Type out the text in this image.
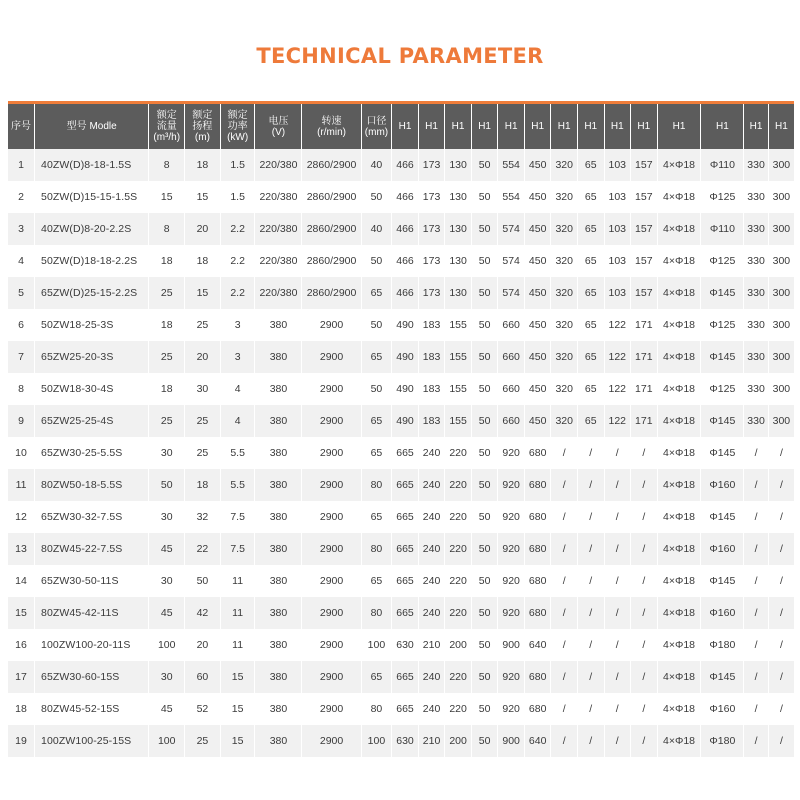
TECHNICAL PARAMETER

序号	型号 Modle	额定
流量
(m³/h)	额定
扬程
(m)	额定
功率
(kW)	电压
(V)	转速
(r/min)	口径
(mm)	H1	H1	H1	H1	H1	H1	H1	H1	H1	H1	H1	H1	H1	H1
1	40ZW(D)8-18-1.5S	8	18	1.5	220/380	2860/2900	40	466	173	130	50	554	450	320	65	103	157	4×Φ18	Φ110	330	300
2	50ZW(D)15-15-1.5S	15	15	1.5	220/380	2860/2900	50	466	173	130	50	554	450	320	65	103	157	4×Φ18	Φ125	330	300
3	40ZW(D)8-20-2.2S	8	20	2.2	220/380	2860/2900	40	466	173	130	50	574	450	320	65	103	157	4×Φ18	Φ110	330	300
4	50ZW(D)18-18-2.2S	18	18	2.2	220/380	2860/2900	50	466	173	130	50	574	450	320	65	103	157	4×Φ18	Φ125	330	300
5	65ZW(D)25-15-2.2S	25	15	2.2	220/380	2860/2900	65	466	173	130	50	574	450	320	65	103	157	4×Φ18	Φ145	330	300
6	50ZW18-25-3S	18	25	3	380	2900	50	490	183	155	50	660	450	320	65	122	171	4×Φ18	Φ125	330	300
7	65ZW25-20-3S	25	20	3	380	2900	65	490	183	155	50	660	450	320	65	122	171	4×Φ18	Φ145	330	300
8	50ZW18-30-4S	18	30	4	380	2900	50	490	183	155	50	660	450	320	65	122	171	4×Φ18	Φ125	330	300
9	65ZW25-25-4S	25	25	4	380	2900	65	490	183	155	50	660	450	320	65	122	171	4×Φ18	Φ145	330	300
10	65ZW30-25-5.5S	30	25	5.5	380	2900	65	665	240	220	50	920	680	/	/	/	/	4×Φ18	Φ145	/	/
11	80ZW50-18-5.5S	50	18	5.5	380	2900	80	665	240	220	50	920	680	/	/	/	/	4×Φ18	Φ160	/	/
12	65ZW30-32-7.5S	30	32	7.5	380	2900	65	665	240	220	50	920	680	/	/	/	/	4×Φ18	Φ145	/	/
13	80ZW45-22-7.5S	45	22	7.5	380	2900	80	665	240	220	50	920	680	/	/	/	/	4×Φ18	Φ160	/	/
14	65ZW30-50-11S	30	50	11	380	2900	65	665	240	220	50	920	680	/	/	/	/	4×Φ18	Φ145	/	/
15	80ZW45-42-11S	45	42	11	380	2900	80	665	240	220	50	920	680	/	/	/	/	4×Φ18	Φ160	/	/
16	100ZW100-20-11S	100	20	11	380	2900	100	630	210	200	50	900	640	/	/	/	/	4×Φ18	Φ180	/	/
17	65ZW30-60-15S	30	60	15	380	2900	65	665	240	220	50	920	680	/	/	/	/	4×Φ18	Φ145	/	/
18	80ZW45-52-15S	45	52	15	380	2900	80	665	240	220	50	920	680	/	/	/	/	4×Φ18	Φ160	/	/
19	100ZW100-25-15S	100	25	15	380	2900	100	630	210	200	50	900	640	/	/	/	/	4×Φ18	Φ180	/	/
